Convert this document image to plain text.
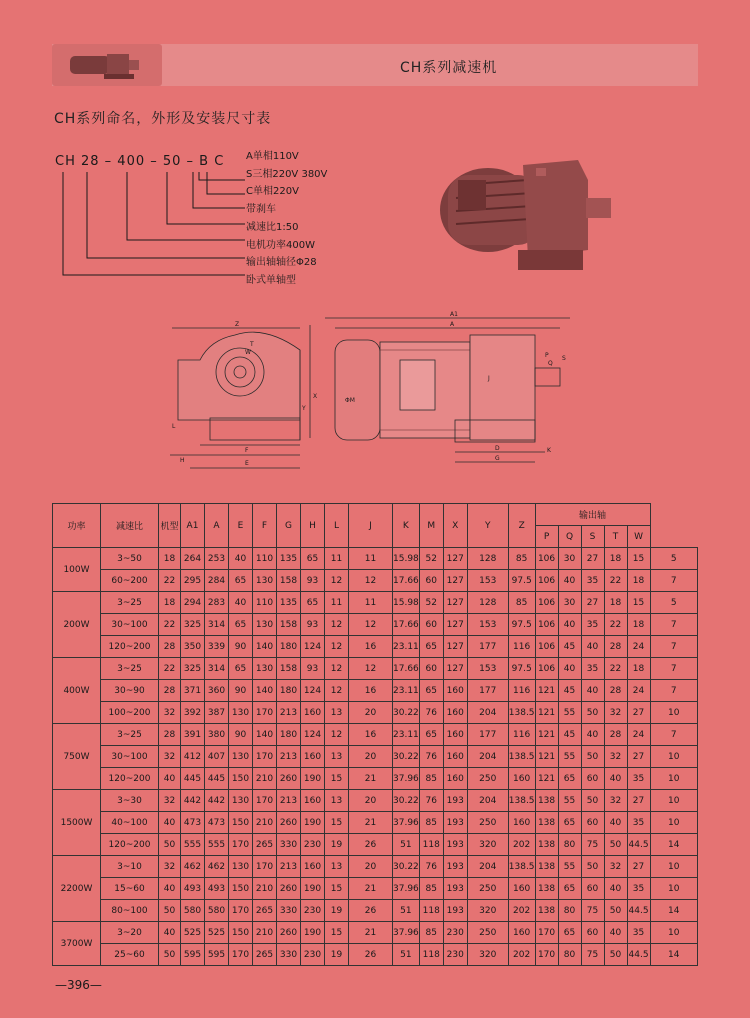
CH系列减速机
CH系列命名，外形及安装尺寸表
CH 28 – 400 – 50 – B C A单相110V
S三相220V 380V
C单相220V
带刹车
减速比1:50
电机功率400W
输出轴轴径Φ28
卧式单轴型
Z
A1
A
P
Q
S
T
W
Y
X
ΦM
L
H
F
E
D
G
K
J
功率	减速比	机型	A1	A	E	F	G	H	L	J	K	M	X	Y	Z	输出轴					
																P	Q	S	T	W	
100W	3~50	18	264	253	40	110	135	65	11	11	15.98	52	127	128	85	106	30	27	18	15	5
	60~200	22	295	284	65	130	158	93	12	12	17.66	60	127	153	97.5	106	40	35	22	18	7
200W	3~25	18	294	283	40	110	135	65	11	11	15.98	52	127	128	85	106	30	27	18	15	5
	30~100	22	325	314	65	130	158	93	12	12	17.66	60	127	153	97.5	106	40	35	22	18	7
	120~200	28	350	339	90	140	180	124	12	16	23.11	65	127	177	116	106	45	40	28	24	7
400W	3~25	22	325	314	65	130	158	93	12	12	17.66	60	127	153	97.5	106	40	35	22	18	7
	30~90	28	371	360	90	140	180	124	12	16	23.11	65	160	177	116	121	45	40	28	24	7
	100~200	32	392	387	130	170	213	160	13	20	30.22	76	160	204	138.5	121	55	50	32	27	10
750W	3~25	28	391	380	90	140	180	124	12	16	23.11	65	160	177	116	121	45	40	28	24	7
	30~100	32	412	407	130	170	213	160	13	20	30.22	76	160	204	138.5	121	55	50	32	27	10
	120~200	40	445	445	150	210	260	190	15	21	37.96	85	160	250	160	121	65	60	40	35	10
1500W	3~30	32	442	442	130	170	213	160	13	20	30.22	76	193	204	138.5	138	55	50	32	27	10
	40~100	40	473	473	150	210	260	190	15	21	37.96	85	193	250	160	138	65	60	40	35	10
	120~200	50	555	555	170	265	330	230	19	26	51	118	193	320	202	138	80	75	50	44.5	14
2200W	3~10	32	462	462	130	170	213	160	13	20	30.22	76	193	204	138.5	138	55	50	32	27	10
	15~60	40	493	493	150	210	260	190	15	21	37.96	85	193	250	160	138	65	60	40	35	10
	80~100	50	580	580	170	265	330	230	19	26	51	118	193	320	202	138	80	75	50	44.5	14
3700W	3~20	40	525	525	150	210	260	190	15	21	37.96	85	230	250	160	170	65	60	40	35	10
	25~60	50	595	595	170	265	330	230	19	26	51	118	230	320	202	170	80	75	50	44.5	14
—396—
